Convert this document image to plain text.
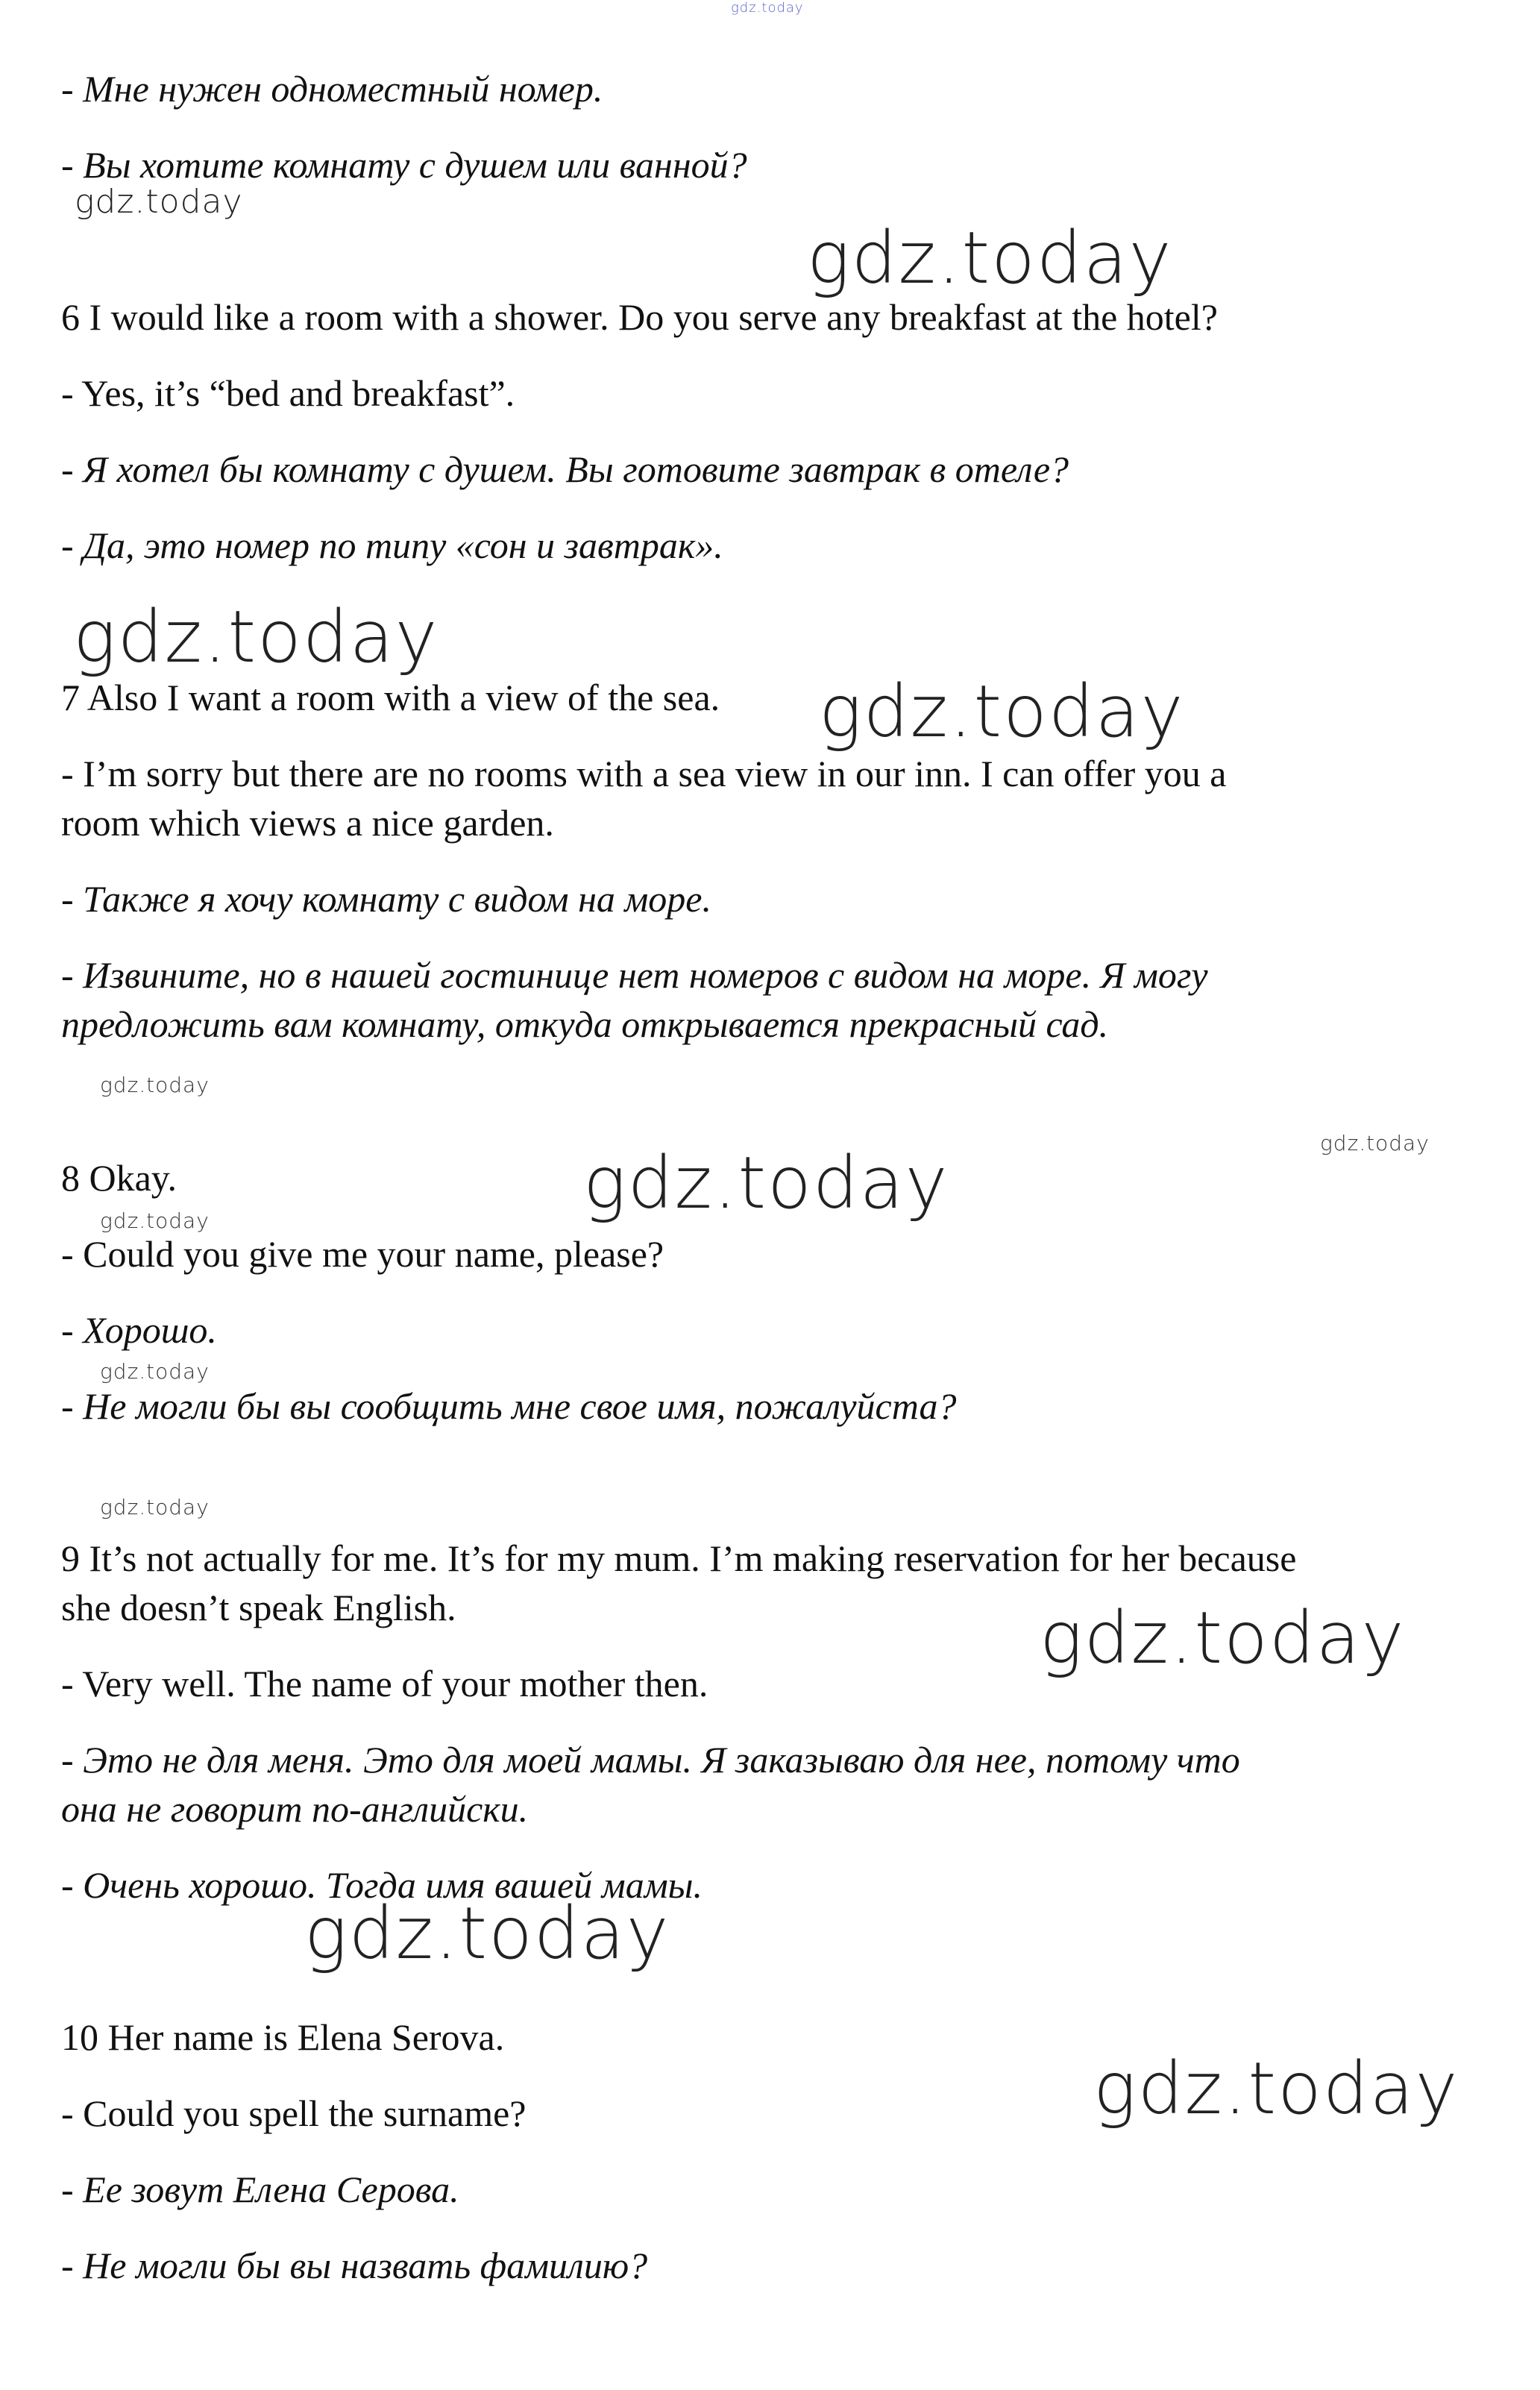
gdz.today
gdz.today
gdz.today
gdz.today
gdz.today
gdz.today
gdz.today
gdz.today
gdz.today
gdz.today
gdz.today
gdz.today
gdz.today
gdz.today
- Мне нужен одноместный номер.
- Вы хотите комнату с душем или ванной?
6 I would like a room with a shower. Do you serve any breakfast at the hotel?
- Yes, it’s “bed and breakfast”.
- Я хотел бы комнату с душем. Вы готовите завтрак в отеле?
- Да, это номер по типу «сон и завтрак».
7 Also I want a room with a view of the sea.
- I’m sorry but there are no rooms with a sea view in our inn. I can offer you a
room which views a nice garden.
- Также я хочу комнату с видом на море.
- Извините, но в нашей гостинице нет номеров с видом на море. Я могу
предложить вам комнату, откуда открывается прекрасный сад.
8 Okay.
- Could you give me your name, please?
- Хорошо.
- Не могли бы вы сообщить мне свое имя, пожалуйста?
9 It’s not actually for me. It’s for my mum. I’m making reservation for her because
she doesn’t speak English.
- Very well. The name of your mother then.
- Это не для меня. Это для моей мамы. Я заказываю для нее, потому что
она не говорит по-английски.
- Очень хорошо. Тогда имя вашей мамы.
10 Her name is Elena Serova.
- Could you spell the surname?
- Ее зовут Елена Серова.
- Не могли бы вы назвать фамилию?
